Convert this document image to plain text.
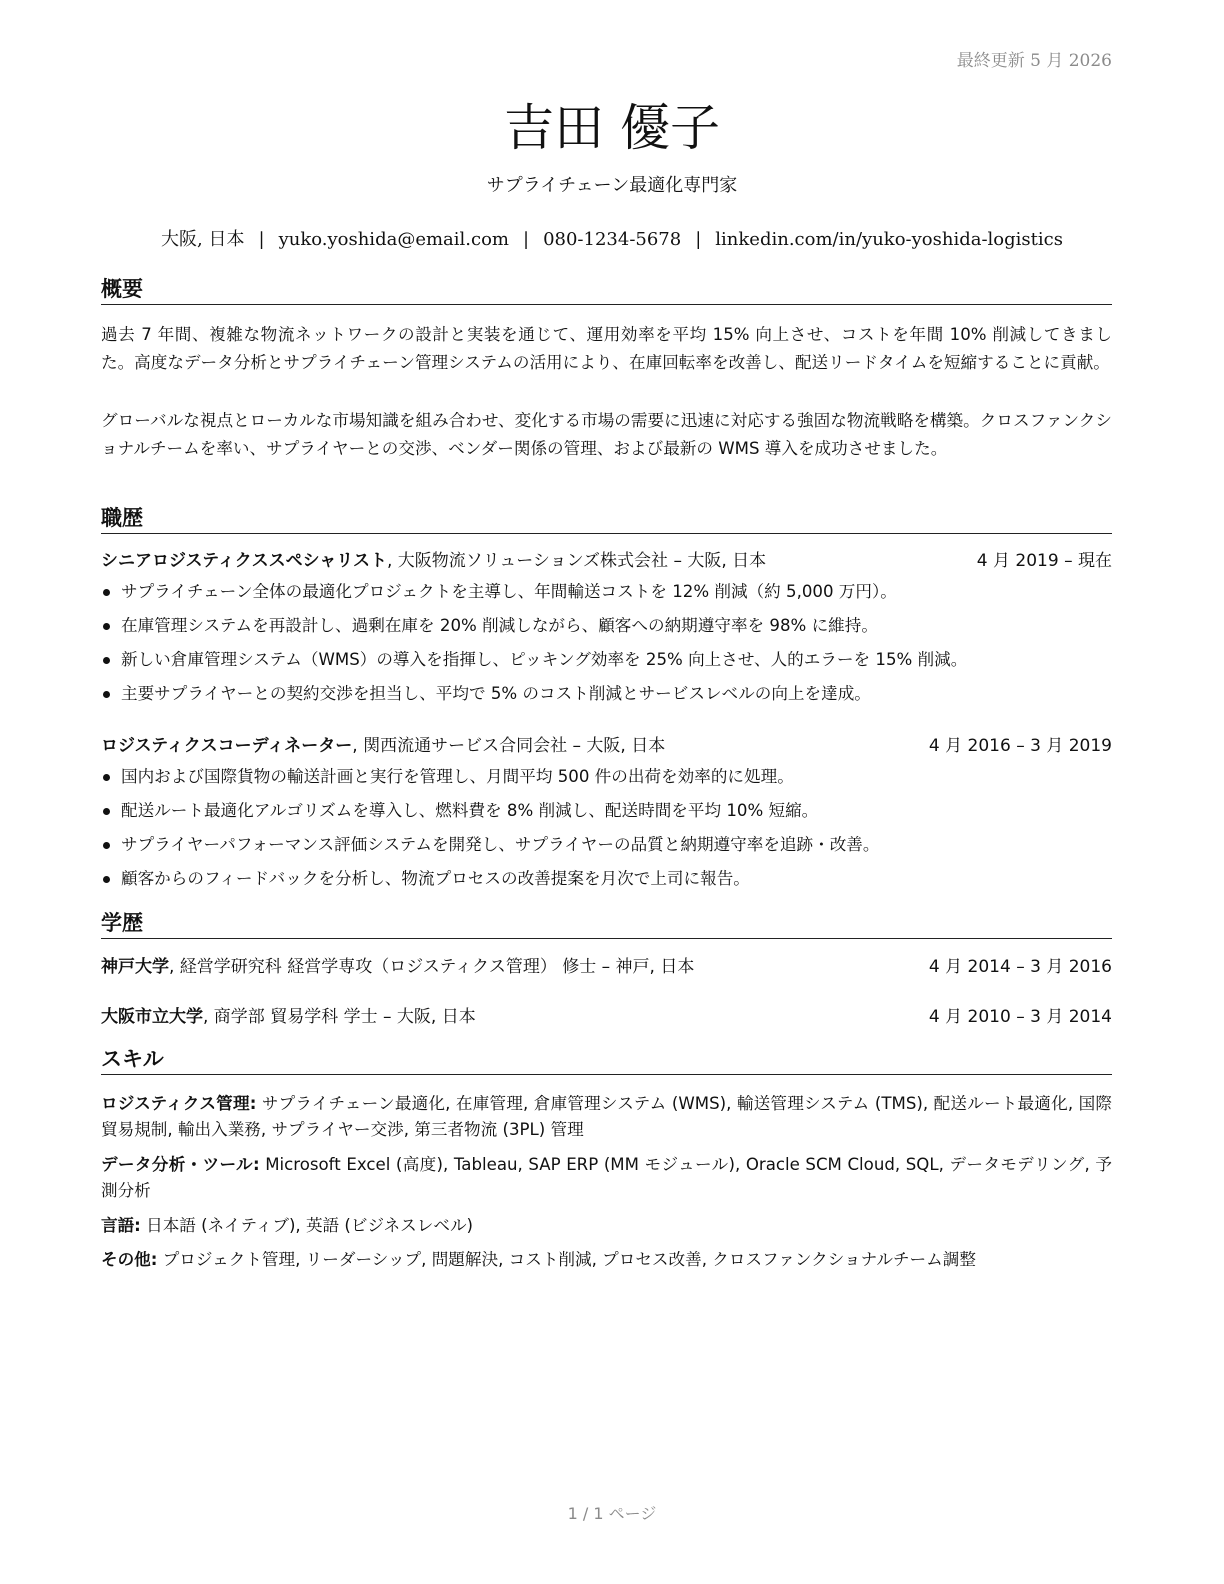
最終更新 5 月 2026
吉田 優子
サプライチェーン最適化専門家
大阪, 日本 | yuko.yoshida@email.com | 080-1234-5678 | linkedin.com/in/yuko-yoshida-logistics
概要

過去 7 年間、複雑な物流ネットワークの設計と実装を通じて、運用効率を平均 15% 向上させ、コストを年間 10% 削減してきました。高度なデータ分析とサプライチェーン管理システムの活用により、在庫回転率を改善し、配送リードタイムを短縮することに貢献。

グローバルな視点とローカルな市場知識を組み合わせ、変化する市場の需要に迅速に対応する強固な物流戦略を構築。クロスファンクショナルチームを率い、サプライヤーとの交渉、ベンダー関係の管理、および最新の WMS 導入を成功させました。

職歴
シニアロジスティクススペシャリスト, 大阪物流ソリューションズ株式会社 – 大阪, 日本	4 月 2019 – 現在
サプライチェーン全体の最適化プロジェクトを主導し、年間輸送コストを 12% 削減（約 5,000 万円）。
在庫管理システムを再設計し、過剰在庫を 20% 削減しながら、顧客への納期遵守率を 98% に維持。
新しい倉庫管理システム（WMS）の導入を指揮し、ピッキング効率を 25% 向上させ、人的エラーを 15% 削減。
主要サプライヤーとの契約交渉を担当し、平均で 5% のコスト削減とサービスレベルの向上を達成。
ロジスティクスコーディネーター, 関西流通サービス合同会社 – 大阪, 日本	4 月 2016 – 3 月 2019
国内および国際貨物の輸送計画と実行を管理し、月間平均 500 件の出荷を効率的に処理。
配送ルート最適化アルゴリズムを導入し、燃料費を 8% 削減し、配送時間を平均 10% 短縮。
サプライヤーパフォーマンス評価システムを開発し、サプライヤーの品質と納期遵守率を追跡・改善。
顧客からのフィードバックを分析し、物流プロセスの改善提案を月次で上司に報告。
学歴
神戸大学, 経営学研究科 経営学専攻（ロジスティクス管理） 修士 – 神戸, 日本	4 月 2014 – 3 月 2016
大阪市立大学, 商学部 貿易学科 学士 – 大阪, 日本	4 月 2010 – 3 月 2014
スキル

ロジスティクス管理: サプライチェーン最適化, 在庫管理, 倉庫管理システム (WMS), 輸送管理システム (TMS), 配送ルート最適化, 国際貿易規制, 輸出入業務, サプライヤー交渉, 第三者物流 (3PL) 管理

データ分析・ツール: Microsoft Excel (高度), Tableau, SAP ERP (MM モジュール), Oracle SCM Cloud, SQL, データモデリング, 予測分析

言語: 日本語 (ネイティブ), 英語 (ビジネスレベル)

その他: プロジェクト管理, リーダーシップ, 問題解決, コスト削減, プロセス改善, クロスファンクショナルチーム調整

1 / 1 ページ
